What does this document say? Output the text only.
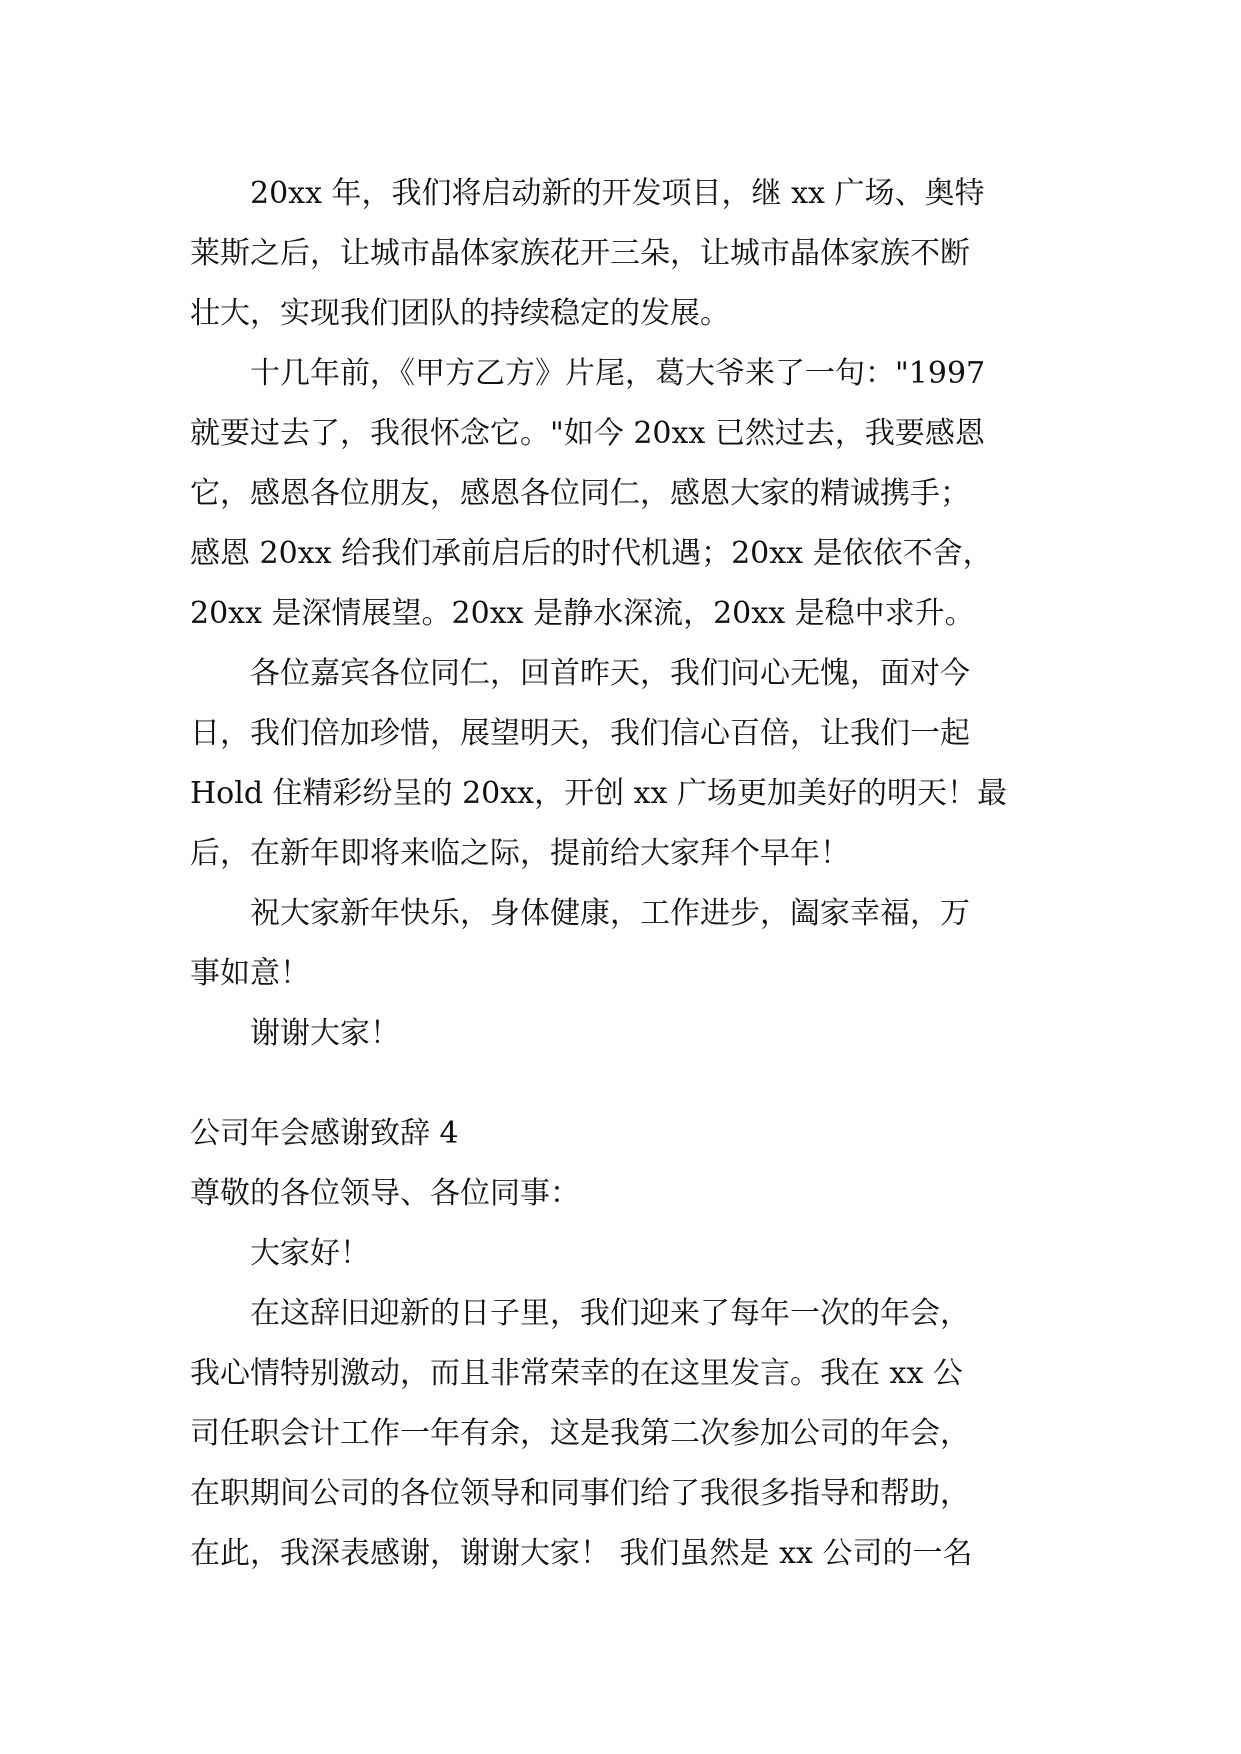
20xx 年，我们将启动新的开发项目，继 xx 广场、奥特
莱斯之后，让城市晶体家族花开三朵，让城市晶体家族不断
壮大，实现我们团队的持续稳定的发展。
十几年前，《甲方乙方》片尾，葛大爷来了一句："1997
就要过去了，我很怀念它。"如今 20xx 已然过去，我要感恩
它，感恩各位朋友，感恩各位同仁，感恩大家的精诚携手；
感恩 20xx 给我们承前启后的时代机遇；20xx 是依依不舍，
20xx 是深情展望。20xx 是静水深流，20xx 是稳中求升。
各位嘉宾各位同仁，回首昨天，我们问心无愧，面对今
日，我们倍加珍惜，展望明天，我们信心百倍，让我们一起
Hold 住精彩纷呈的 20xx，开创 xx 广场更加美好的明天！最
后，在新年即将来临之际，提前给大家拜个早年！
祝大家新年快乐，身体健康，工作进步，阖家幸福，万
事如意！
谢谢大家！
公司年会感谢致辞 4
尊敬的各位领导、各位同事：
大家好！
在这辞旧迎新的日子里，我们迎来了每年一次的年会，
我心情特别激动，而且非常荣幸的在这里发言。我在 xx 公
司任职会计工作一年有余，这是我第二次参加公司的年会，
在职期间公司的各位领导和同事们给了我很多指导和帮助，
在此，我深表感谢，谢谢大家！ 我们虽然是 xx 公司的一名
